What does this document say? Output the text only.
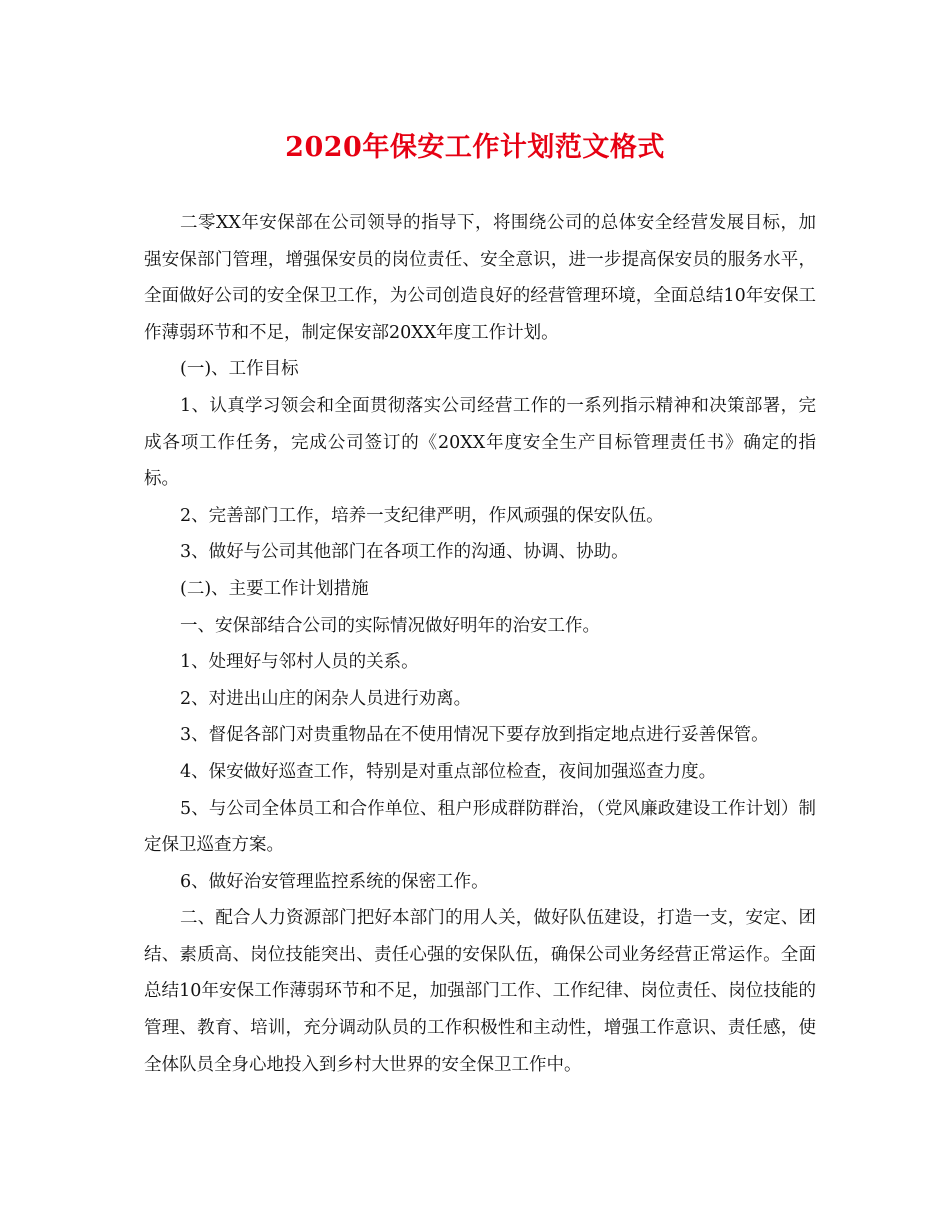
2020年保安工作计划范文格式

二零XX年安保部在公司领导的指导下，将围绕公司的总体安全经营发展目标，加强安保部门管理，增强保安员的岗位责任、安全意识，进一步提高保安员的服务水平，全面做好公司的安全保卫工作，为公司创造良好的经营管理环境，全面总结10年安保工作薄弱环节和不足，制定保安部20XX年度工作计划。

(一)、工作目标

1、认真学习领会和全面贯彻落实公司经营工作的一系列指示精神和决策部署，完成各项工作任务，完成公司签订的《20XX年度安全生产目标管理责任书》确定的指标。

2、完善部门工作，培养一支纪律严明，作风顽强的保安队伍。

3、做好与公司其他部门在各项工作的沟通、协调、协助。

(二)、主要工作计划措施

一、安保部结合公司的实际情况做好明年的治安工作。

1、处理好与邻村人员的关系。

2、对进出山庄的闲杂人员进行劝离。

3、督促各部门对贵重物品在不使用情况下要存放到指定地点进行妥善保管。

4、保安做好巡查工作，特别是对重点部位检查，夜间加强巡查力度。

5、与公司全体员工和合作单位、租户形成群防群治，（党风廉政建设工作计划）制定保卫巡查方案。

6、做好治安管理监控系统的保密工作。

二、配合人力资源部门把好本部门的用人关，做好队伍建设，打造一支，安定、团结、素质高、岗位技能突出、责任心强的安保队伍，确保公司业务经营正常运作。全面总结10年安保工作薄弱环节和不足，加强部门工作、工作纪律、岗位责任、岗位技能的管理、教育、培训，充分调动队员的工作积极性和主动性，增强工作意识、责任感，使全体队员全身心地投入到乡村大世界的安全保卫工作中。
